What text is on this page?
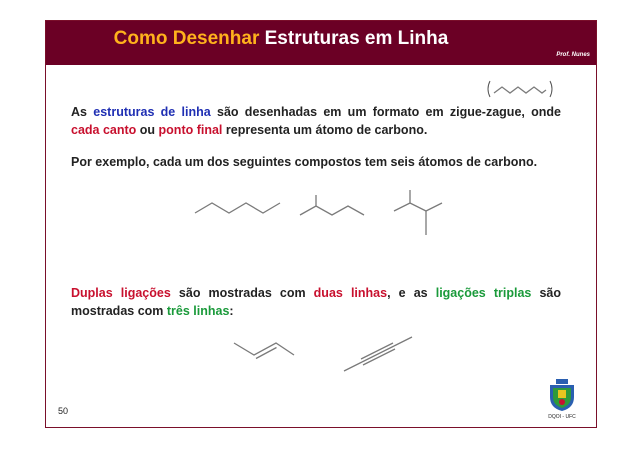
Como Desenhar Estruturas em Linha
Prof. Nunes

As estruturas de linha são desenhadas em um formato em zigue-zague, onde cada canto ou ponto final representa um átomo de carbono.

Por exemplo, cada um dos seguintes compostos tem seis átomos de carbono.

Duplas ligações são mostradas com duas linhas, e as ligações triplas são mostradas com três linhas:

50
DQOI - UFC
